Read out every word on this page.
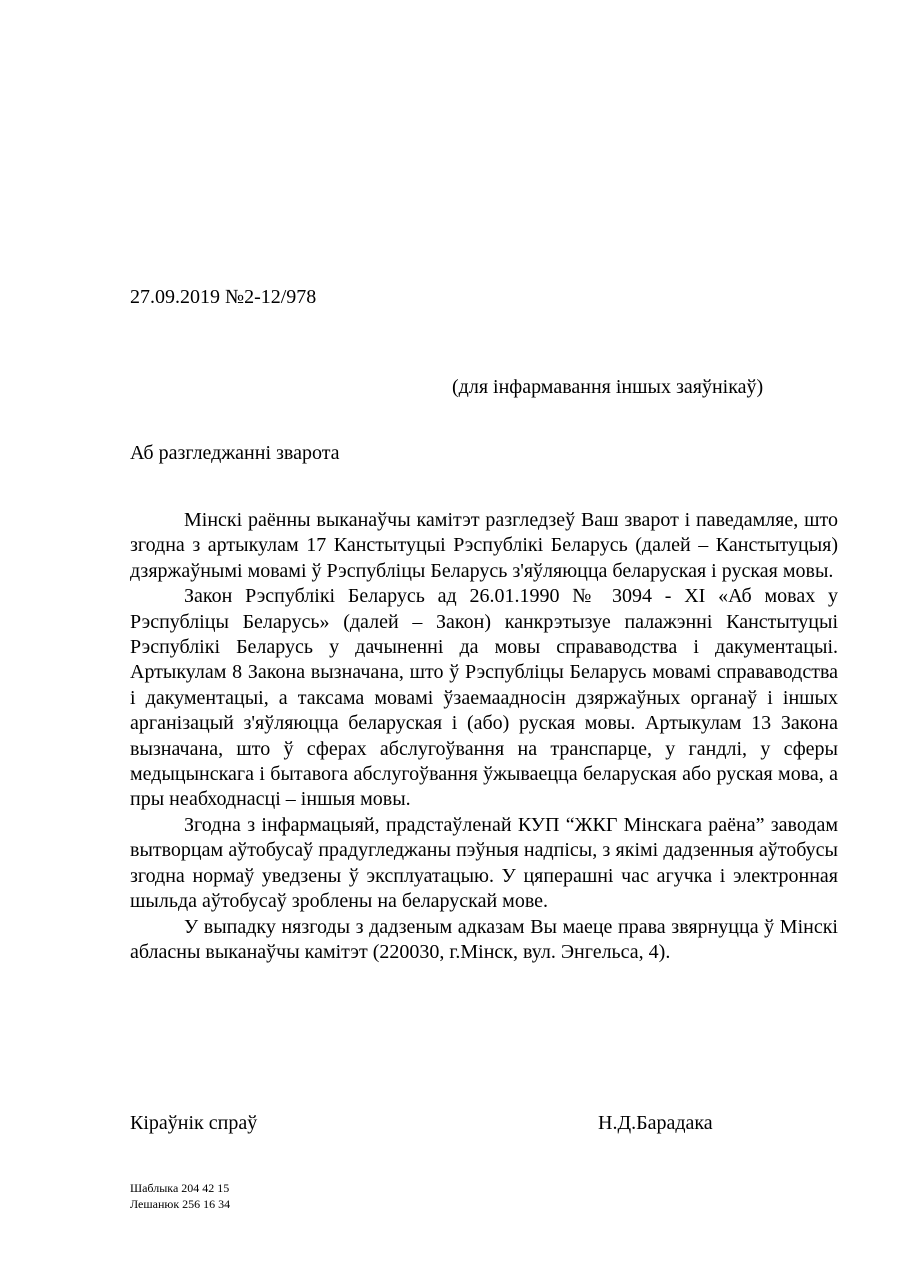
27.09.2019 №2-12/978
(для інфармавання іншых заяўнікаў)
Аб разгледжанні зварота

Мінскі раённы выканаўчы камітэт разгледзеў Ваш зварот і паведамляе, што згодна з артыкулам 17 Канстытуцыі Рэспублікі Беларусь (далей – Канстытуцыя) дзяржаўнымі мовамі ў Рэспубліцы Беларусь з'яўляюцца беларуская і руская мовы.

Закон Рэспублікі Беларусь ад 26.01.1990 № 3094 - XI «Аб мовах у Рэспубліцы Беларусь» (далей – Закон) канкрэтызуе палажэнні Канстытуцыі Рэспублікі Беларусь у дачыненні да мовы справаводства і дакументацыі. Артыкулам 8 Закона вызначана, што ў Рэспубліцы Беларусь мовамі справаводства і дакументацыі, а таксама мовамі ўзаемаадносін дзяржаўных органаў і іншых арганізацый з'яўляюцца беларуская і (або) руская мовы. Артыкулам 13 Закона вызначана, што ў сферах абслугоўвання на транспарце, у гандлі, у сферы медыцынскага і бытавога абслугоўвання ўжываецца беларуская або руская мова, а пры неабходнасці – іншыя мовы.

Згодна з інфармацыяй, прадстаўленай КУП “ЖКГ Мінскага раёна” заводам вытворцам аўтобусаў прадугледжаны пэўныя надпісы, з якімі дадзенныя аўтобусы згодна нормаў уведзены ў эксплуатацыю. У цяперашні час агучка і электронная шыльда аўтобусаў зроблены на беларускай мове.

У выпадку нязгоды з дадзеным адказам Вы маеце права звярнуцца ў Мінскі абласны выканаўчы камітэт (220030, г.Мінск, вул. Энгельса, 4).

Кіраўнік спраў	Н.Д.Барадака
Шаблыка 204 42 15
Лешанюк 256 16 34
